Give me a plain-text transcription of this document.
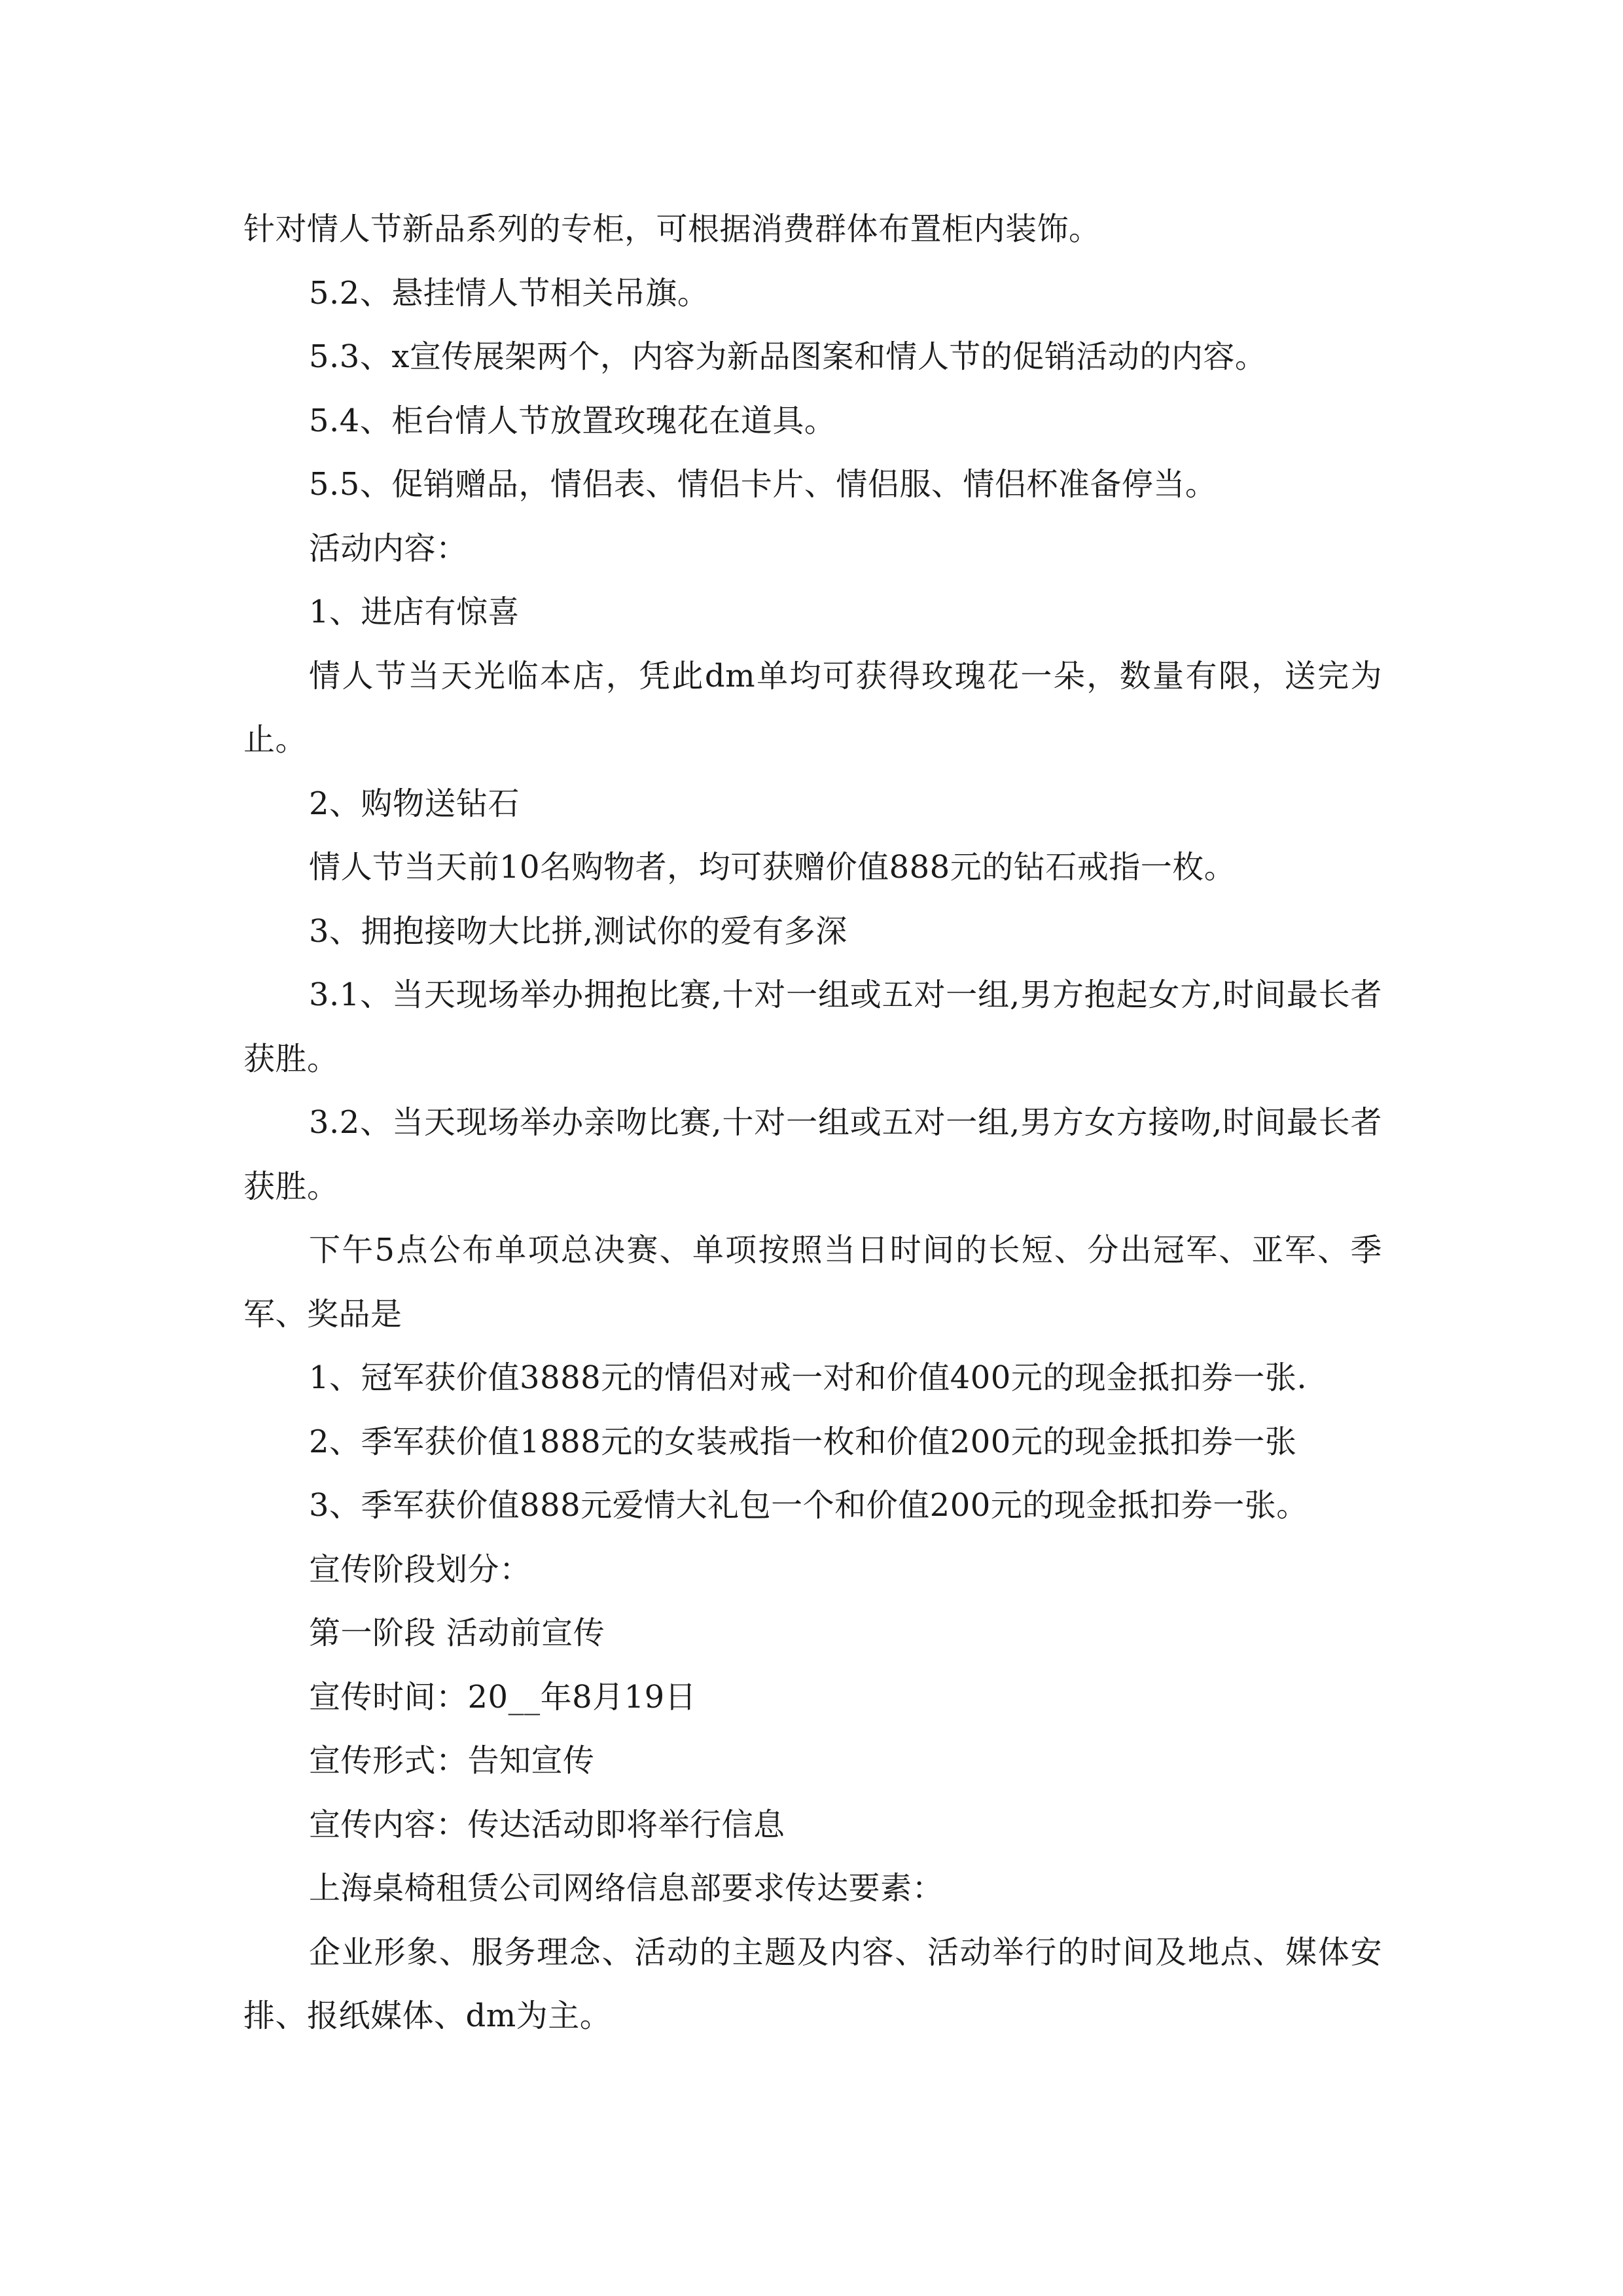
针对情人节新品系列的专柜，可根据消费群体布置柜内装饰。

5.2、悬挂情人节相关吊旗。

5.3、x宣传展架两个，内容为新品图案和情人节的促销活动的内容。

5.4、柜台情人节放置玫瑰花在道具。

5.5、促销赠品，情侣表、情侣卡片、情侣服、情侣杯准备停当。

活动内容：

1、进店有惊喜

情人节当天光临本店，凭此dm单均可获得玫瑰花一朵，数量有限，送完为止。

2、购物送钻石

情人节当天前10名购物者，均可获赠价值888元的钻石戒指一枚。

3、拥抱接吻大比拼,测试你的爱有多深

3.1、当天现场举办拥抱比赛,十对一组或五对一组,男方抱起女方,时间最长者获胜。

3.2、当天现场举办亲吻比赛,十对一组或五对一组,男方女方接吻,时间最长者获胜。

下午5点公布单项总决赛、单项按照当日时间的长短、分出冠军、亚军、季军、奖品是

1、冠军获价值3888元的情侣对戒一对和价值400元的现金抵扣券一张.

2、季军获价值1888元的女装戒指一枚和价值200元的现金抵扣券一张

3、季军获价值888元爱情大礼包一个和价值200元的现金抵扣券一张。

宣传阶段划分：

第一阶段 活动前宣传

宣传时间：20__年8月19日

宣传形式：告知宣传

宣传内容：传达活动即将举行信息

上海桌椅租赁公司网络信息部要求传达要素：

企业形象、服务理念、活动的主题及内容、活动举行的时间及地点、媒体安排、报纸媒体、dm为主。
